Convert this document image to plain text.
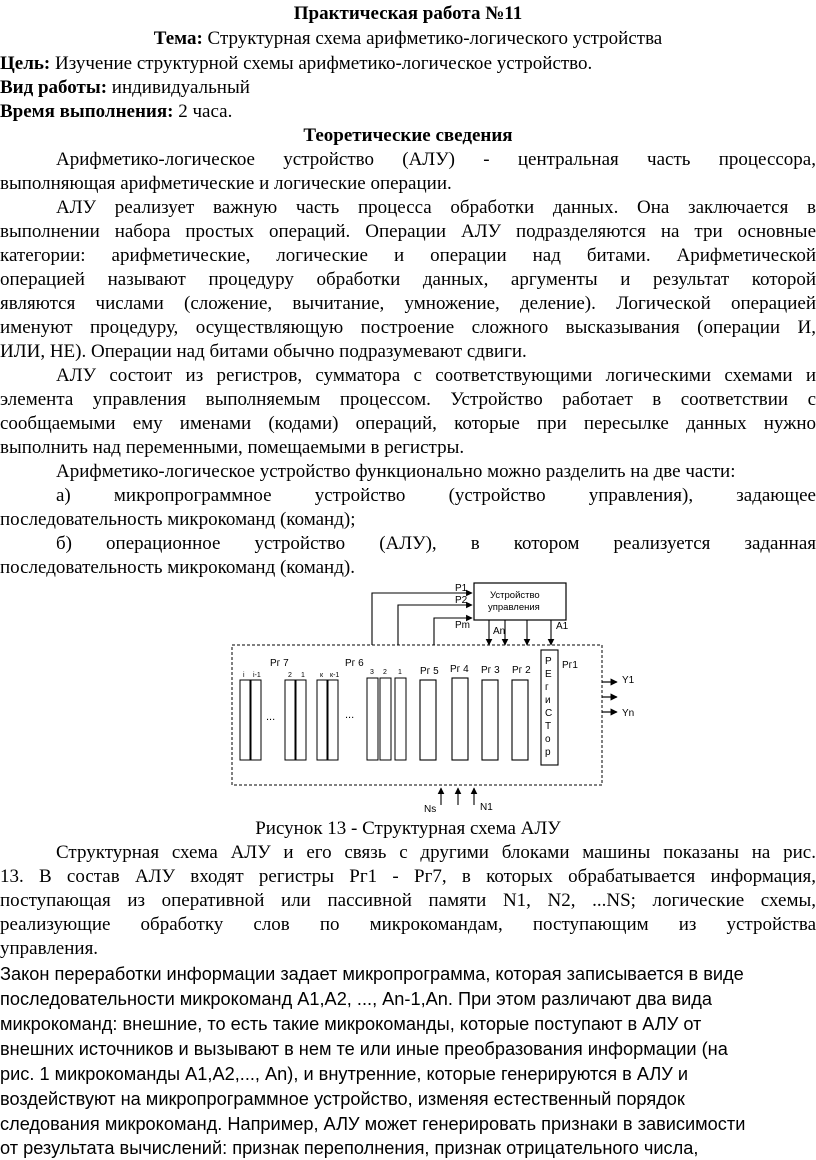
Практическая работа №11
Тема: Структурная схема арифметико-логического устройства
Цель: Изучение структурной схемы арифметико-логическое устройство.
Вид работы: индивидуальный
Время выполнения: 2 часа.
Теоретические сведения
Арифметико-логическое устройство (АЛУ) - центральная часть процессора,
выполняющая арифметические и логические операции.
АЛУ реализует важную часть процесса обработки данных. Она заключается в
выполнении набора простых операций. Операции АЛУ подразделяются на три основные
категории: арифметические, логические и операции над битами. Арифметической
операцией называют процедуру обработки данных, аргументы и результат которой
являются числами (сложение, вычитание, умножение, деление). Логической операцией
именуют процедуру, осуществляющую построение сложного высказывания (операции И,
ИЛИ, НЕ). Операции над битами обычно подразумевают сдвиги.
АЛУ состоит из регистров, сумматора с соответствующими логическими схемами и
элемента управления выполняемым процессом. Устройство работает в соответствии с
сообщаемыми ему именами (кодами) операций, которые при пересылке данных нужно
выполнить над переменными, помещаемыми в регистры.
Арифметико-логическое устройство функционально можно разделить на две части:
а) микропрограммное устройство (устройство управления), задающее
последовательность микрокоманд (команд);
б) операционное устройство (АЛУ), в котором реализуется заданная
последовательность микрокоманд (команд).
Устройство
управления
P1
P2
Pm
An	A1
Рг 7	Рг 6
Рг 5 Рг 4 Рг 3 Рг 2	Рг1
i i-1	2 1 к к-1
...	...
3 2 1
Р
Е
г
и
С
Т
о
р
Y1
Yn
Ns	N1
Рисунок 13 - Структурная схема АЛУ
Структурная схема АЛУ и его связь с другими блоками машины показаны на рис.
13. В состав АЛУ входят регистры Рг1 - Рг7, в которых обрабатывается информация,
поступающая из оперативной или пассивной памяти N1, N2, ...NS; логические схемы,
реализующие обработку слов по микрокомандам, поступающим из устройства
управления.
Закон переработки информации задает микропрограмма, которая записывается в виде
последовательности микрокоманд А1,А2, ..., Аn-1,Аn. При этом различают два вида
микрокоманд: внешние, то есть такие микрокоманды, которые поступают в АЛУ от
внешних источников и вызывают в нем те или иные преобразования информации (на
рис. 1 микрокоманды А1,А2,..., Аn), и внутренние, которые генерируются в АЛУ и
воздействуют на микропрограммное устройство, изменяя естественный порядок
следования микрокоманд. Например, АЛУ может генерировать признаки в зависимости
от результата вычислений: признак переполнения, признак отрицательного числа,
